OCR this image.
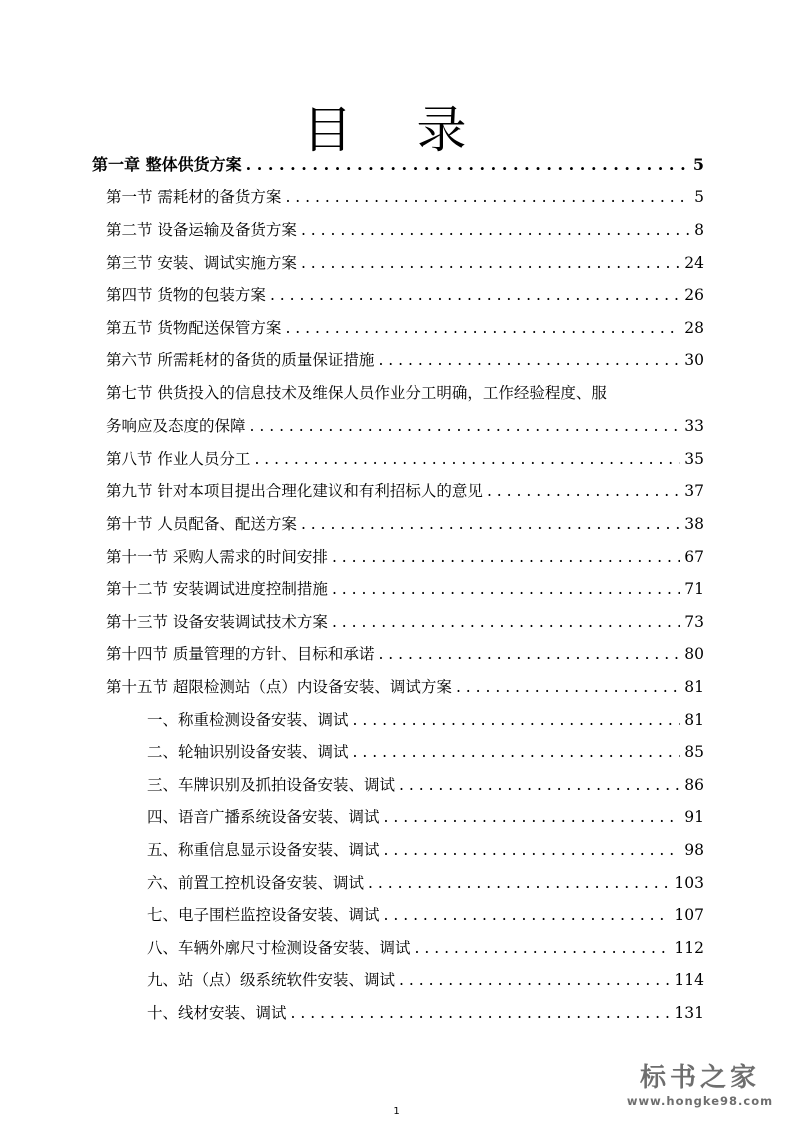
目 录
第一章 整体供货方案 . . .	5
第一节 需耗材的备货方案 . . .	5
第二节 设备运输及备货方案 . . .	8
第三节 安装、调试实施方案 . . .	24
第四节 货物的包装方案 . . .	26
第五节 货物配送保管方案 . . .	28
第六节 所需耗材的备货的质量保证措施 . . .	30
第七节 供货投入的信息技术及维保人员作业分工明确，工作经验程度、服
务响应及态度的保障 . . .	33
第八节 作业人员分工 . . .	35
第九节 针对本项目提出合理化建议和有利招标人的意见 . . .	37
第十节 人员配备、配送方案 . . .	38
第十一节 采购人需求的时间安排 . . .	67
第十二节 安装调试进度控制措施 . . .	71
第十三节 设备安装调试技术方案 . . .	73
第十四节 质量管理的方针、目标和承诺 . . .	80
第十五节 超限检测站（点）内设备安装、调试方案 . . .	81
一、称重检测设备安装、调试 . . .	81
二、轮轴识别设备安装、调试 . . .	85
三、车牌识别及抓拍设备安装、调试 . . .	86
四、语音广播系统设备安装、调试 . . .	91
五、称重信息显示设备安装、调试 . . .	98
六、前置工控机设备安装、调试 . . .	103
七、电子围栏监控设备安装、调试 . . .	107
八、车辆外廓尺寸检测设备安装、调试 . . .	112
九、站（点）级系统软件安装、调试 . . .	114
十、线材安装、调试 . . .	131
标书之家
www.hongke98.com
1
